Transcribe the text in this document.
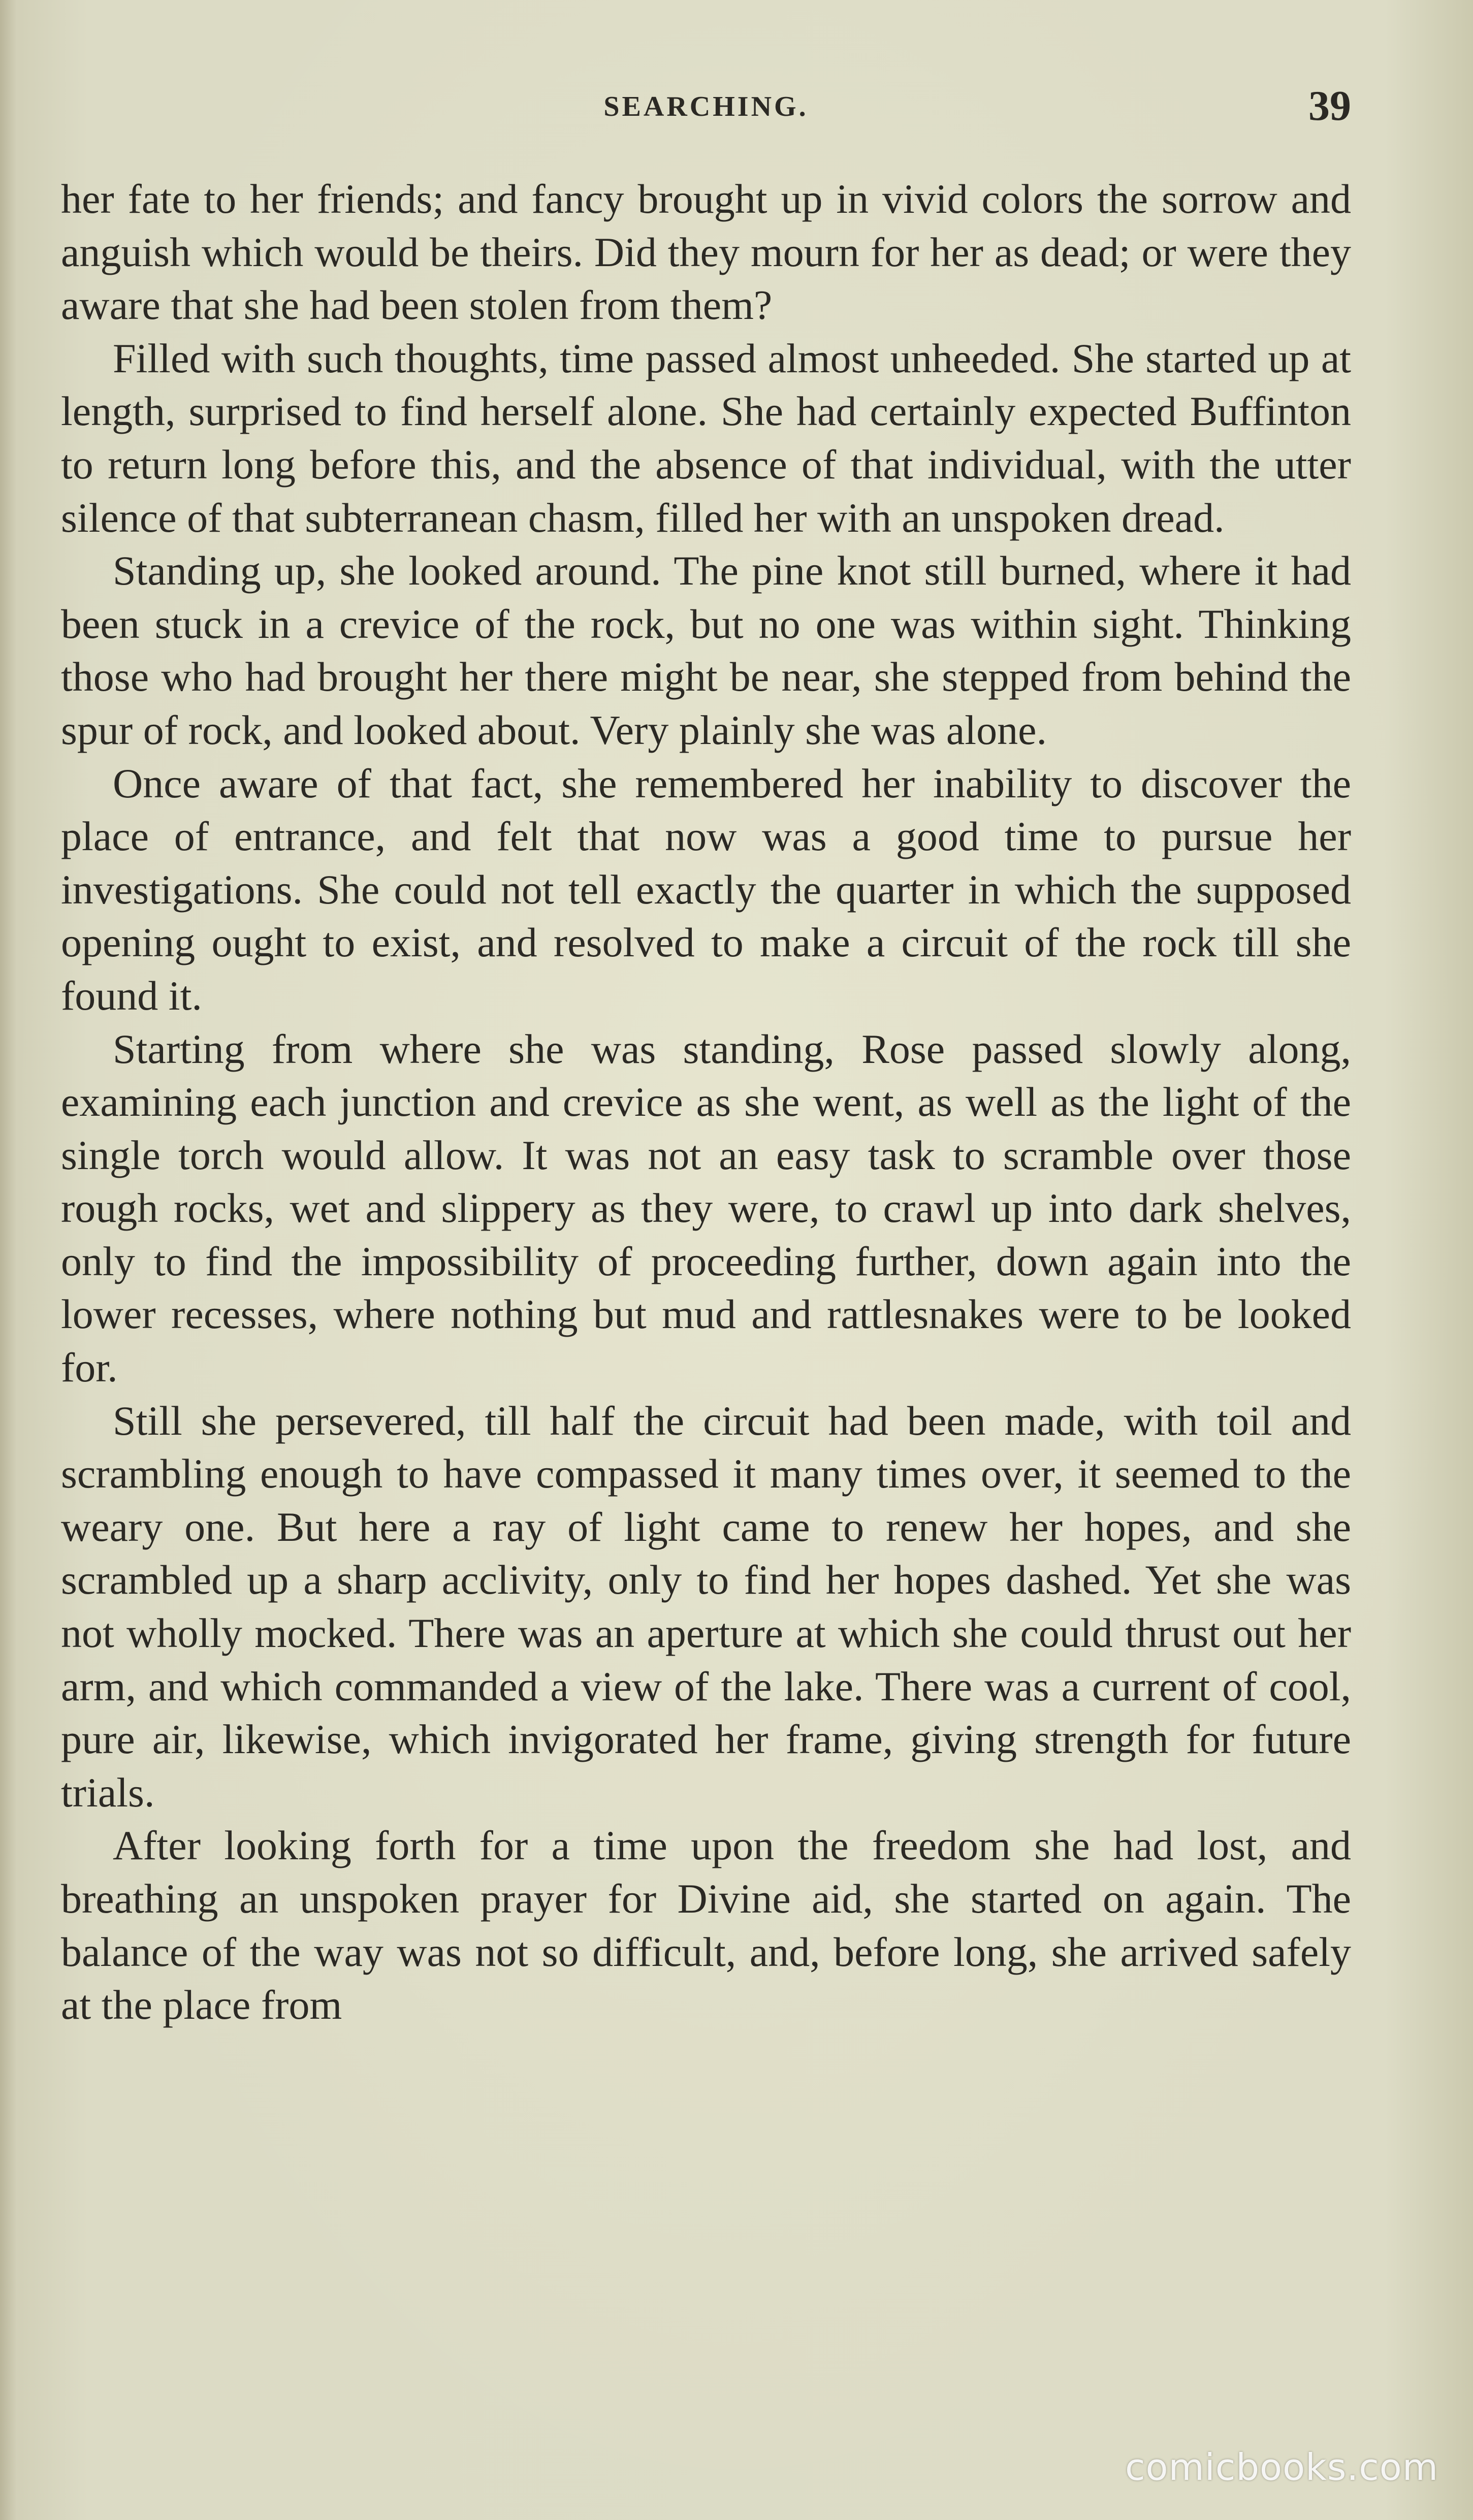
SEARCHING.	39

her fate to her friends; and fancy brought up in vivid colors the sorrow and anguish which would be theirs. Did they mourn for her as dead; or were they aware that she had been stolen from them?

Filled with such thoughts, time passed almost unheeded. She started up at length, surprised to find herself alone. She had certainly expected Buffinton to return long before this, and the absence of that individual, with the utter silence of that subterranean chasm, filled her with an unspoken dread.

Standing up, she looked around. The pine knot still burned, where it had been stuck in a crevice of the rock, but no one was within sight. Thinking those who had brought her there might be near, she stepped from behind the spur of rock, and looked about. Very plainly she was alone.

Once aware of that fact, she remembered her inability to discover the place of entrance, and felt that now was a good time to pursue her investigations. She could not tell exactly the quarter in which the supposed opening ought to exist, and resolved to make a circuit of the rock till she found it.

Starting from where she was standing, Rose passed slowly along, examining each junction and crevice as she went, as well as the light of the single torch would allow. It was not an easy task to scramble over those rough rocks, wet and slippery as they were, to crawl up into dark shelves, only to find the impossibility of proceeding further, down again into the lower recesses, where nothing but mud and rattlesnakes were to be looked for.

Still she persevered, till half the circuit had been made, with toil and scrambling enough to have compassed it many times over, it seemed to the weary one. But here a ray of light came to renew her hopes, and she scrambled up a sharp acclivity, only to find her hopes dashed. Yet she was not wholly mocked. There was an aperture at which she could thrust out her arm, and which commanded a view of the lake. There was a current of cool, pure air, likewise, which invigorated her frame, giving strength for future trials.

After looking forth for a time upon the freedom she had lost, and breathing an unspoken prayer for Divine aid, she started on again. The balance of the way was not so difficult, and, before long, she arrived safely at the place from

comicbooks.com
